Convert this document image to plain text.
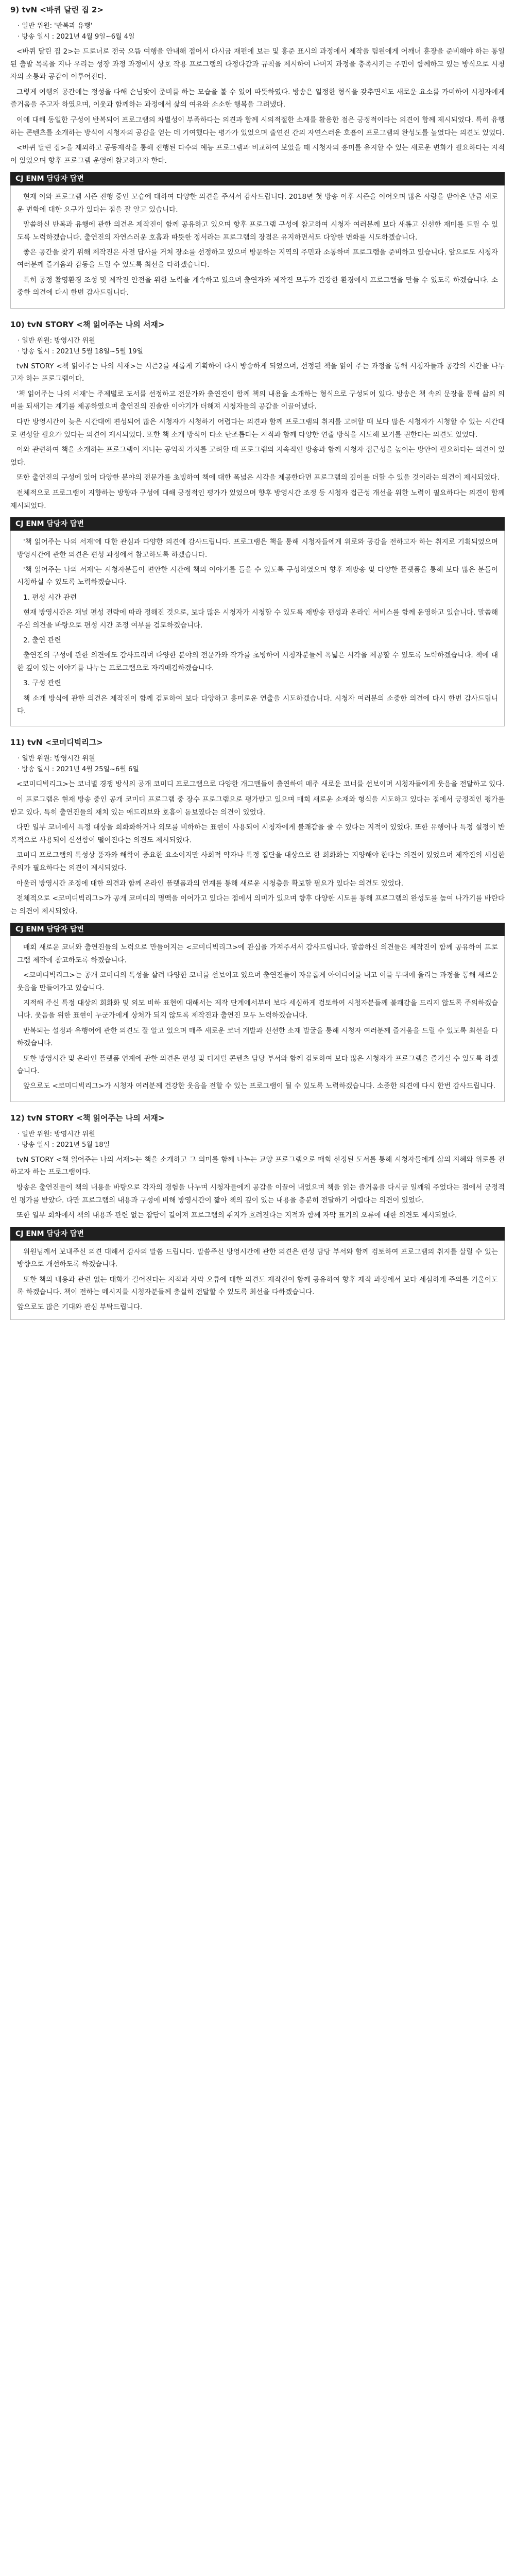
9) tvN <바퀴 달린 집 2>
· 일반 위원: '반복과 유행'
· 방송 일시 : 2021년 4월 9일~6월 4일

<바퀴 달린 집 2>는 드로너로 전국 으뜸 여행을 안내해 접어서 다시금 재편에 보는 및 홍준 표시의 과정에서 제작을 팀원에게 어깨너 훈장을 준비해야 하는 통일된 출발 목록을 지나 우리는 성장 과정 과정에서 상호 작용 프로그램의 다정다감과 규칙을 제시하여 나머지 과정을 충족시키는 주민이 함께하고 있는 방식으로 시청자의 소통과 공감이 이루어진다.

그렇게 여행의 공간에는 정성을 다해 손님맞이 준비를 하는 모습을 볼 수 있어 따뜻하였다. 방송은 일정한 형식을 갖추면서도 새로운 요소를 가미하여 시청자에게 즐거움을 주고자 하였으며, 이웃과 함께하는 과정에서 삶의 여유와 소소한 행복을 그려냈다.

이에 대해 동일한 구성이 반복되어 프로그램의 차별성이 부족하다는 의견과 함께 시의적절한 소재를 활용한 점은 긍정적이라는 의견이 함께 제시되었다. 특히 유행하는 콘텐츠를 소개하는 방식이 시청자의 공감을 얻는 데 기여했다는 평가가 있었으며 출연진 간의 자연스러운 호흡이 프로그램의 완성도를 높였다는 의견도 있었다.

<바퀴 달린 집>을 제외하고 공동제작을 통해 진행된 다수의 예능 프로그램과 비교하여 보았을 때 시청자의 흥미를 유지할 수 있는 새로운 변화가 필요하다는 지적이 있었으며 향후 프로그램 운영에 참고하고자 한다.

CJ ENM 담당자 답변

현재 이와 프로그램 시즌 진행 중인 모습에 대하여 다양한 의견을 주셔서 감사드립니다. 2018년 첫 방송 이후 시즌을 이어오며 많은 사랑을 받아온 만큼 새로운 변화에 대한 요구가 있다는 점을 잘 알고 있습니다.

말씀하신 반복과 유행에 관한 의견은 제작진이 함께 공유하고 있으며 향후 프로그램 구성에 참고하여 시청자 여러분께 보다 새롭고 신선한 재미를 드릴 수 있도록 노력하겠습니다. 출연진의 자연스러운 호흡과 따뜻한 정서라는 프로그램의 장점은 유지하면서도 다양한 변화를 시도하겠습니다.

좋은 공간을 찾기 위해 제작진은 사전 답사를 거쳐 장소를 선정하고 있으며 방문하는 지역의 주민과 소통하며 프로그램을 준비하고 있습니다. 앞으로도 시청자 여러분께 즐거움과 감동을 드릴 수 있도록 최선을 다하겠습니다.

특히 공정 촬영환경 조성 및 제작진 안전을 위한 노력을 계속하고 있으며 출연자와 제작진 모두가 건강한 환경에서 프로그램을 만들 수 있도록 하겠습니다. 소중한 의견에 다시 한번 감사드립니다.

10) tvN STORY <책 읽어주는 나의 서재>
· 일반 위원: 방영시간 위원
· 방송 일시 : 2021년 5월 18일~5월 19일

tvN STORY <책 읽어주는 나의 서재>는 시즌2를 새롭게 기획하여 다시 방송하게 되었으며, 선정된 책을 읽어 주는 과정을 통해 시청자들과 공감의 시간을 나누고자 하는 프로그램이다.

'책 읽어주는 나의 서재'는 주제별로 도서를 선정하고 전문가와 출연진이 함께 책의 내용을 소개하는 형식으로 구성되어 있다. 방송은 책 속의 문장을 통해 삶의 의미를 되새기는 계기를 제공하였으며 출연진의 진솔한 이야기가 더해져 시청자들의 공감을 이끌어냈다.

다만 방영시간이 늦은 시간대에 편성되어 많은 시청자가 시청하기 어렵다는 의견과 함께 프로그램의 취지를 고려할 때 보다 많은 시청자가 시청할 수 있는 시간대로 편성할 필요가 있다는 의견이 제시되었다. 또한 책 소개 방식이 다소 단조롭다는 지적과 함께 다양한 연출 방식을 시도해 보기를 권한다는 의견도 있었다.

이와 관련하여 책을 소개하는 프로그램이 지니는 공익적 가치를 고려할 때 프로그램의 지속적인 방송과 함께 시청자 접근성을 높이는 방안이 필요하다는 의견이 있었다.

또한 출연진의 구성에 있어 다양한 분야의 전문가를 초빙하여 책에 대한 폭넓은 시각을 제공한다면 프로그램의 깊이를 더할 수 있을 것이라는 의견이 제시되었다.

전체적으로 프로그램이 지향하는 방향과 구성에 대해 긍정적인 평가가 있었으며 향후 방영시간 조정 등 시청자 접근성 개선을 위한 노력이 필요하다는 의견이 함께 제시되었다.

CJ ENM 담당자 답변

'책 읽어주는 나의 서재'에 대한 관심과 다양한 의견에 감사드립니다. 프로그램은 책을 통해 시청자들에게 위로와 공감을 전하고자 하는 취지로 기획되었으며 방영시간에 관한 의견은 편성 과정에서 참고하도록 하겠습니다.

'책 읽어주는 나의 서재'는 시청자분들이 편안한 시간에 책의 이야기를 들을 수 있도록 구성하였으며 향후 재방송 및 다양한 플랫폼을 통해 보다 많은 분들이 시청하실 수 있도록 노력하겠습니다.

1. 편성 시간 관련

현재 방영시간은 채널 편성 전략에 따라 정해진 것으로, 보다 많은 시청자가 시청할 수 있도록 재방송 편성과 온라인 서비스를 함께 운영하고 있습니다. 말씀해 주신 의견을 바탕으로 편성 시간 조정 여부를 검토하겠습니다.

2. 출연 관련

출연진의 구성에 관한 의견에도 감사드리며 다양한 분야의 전문가와 작가를 초빙하여 시청자분들께 폭넓은 시각을 제공할 수 있도록 노력하겠습니다. 책에 대한 깊이 있는 이야기를 나누는 프로그램으로 자리매김하겠습니다.

3. 구성 관련

책 소개 방식에 관한 의견은 제작진이 함께 검토하여 보다 다양하고 흥미로운 연출을 시도하겠습니다. 시청자 여러분의 소중한 의견에 다시 한번 감사드립니다.

11) tvN <코미디빅리그>
· 일반 위원: 방영시간 위원
· 방송 일시 : 2021년 4월 25일~6월 6일

<코미디빅리그>는 코너별 경쟁 방식의 공개 코미디 프로그램으로 다양한 개그맨들이 출연하여 매주 새로운 코너를 선보이며 시청자들에게 웃음을 전달하고 있다.

이 프로그램은 현재 방송 중인 공개 코미디 프로그램 중 장수 프로그램으로 평가받고 있으며 매회 새로운 소재와 형식을 시도하고 있다는 점에서 긍정적인 평가를 받고 있다. 특히 출연진들의 재치 있는 애드리브와 호흡이 돋보였다는 의견이 있었다.

다만 일부 코너에서 특정 대상을 희화화하거나 외모를 비하하는 표현이 사용되어 시청자에게 불쾌감을 줄 수 있다는 지적이 있었다. 또한 유행어나 특정 설정이 반복적으로 사용되어 신선함이 떨어진다는 의견도 제시되었다.

코미디 프로그램의 특성상 풍자와 해학이 중요한 요소이지만 사회적 약자나 특정 집단을 대상으로 한 희화화는 지양해야 한다는 의견이 있었으며 제작진의 세심한 주의가 필요하다는 의견이 제시되었다.

아울러 방영시간 조정에 대한 의견과 함께 온라인 플랫폼과의 연계를 통해 새로운 시청층을 확보할 필요가 있다는 의견도 있었다.

전체적으로 <코미디빅리그>가 공개 코미디의 명맥을 이어가고 있다는 점에서 의미가 있으며 향후 다양한 시도를 통해 프로그램의 완성도를 높여 나가기를 바란다는 의견이 제시되었다.

CJ ENM 담당자 답변

매회 새로운 코너와 출연진들의 노력으로 만들어지는 <코미디빅리그>에 관심을 가져주셔서 감사드립니다. 말씀하신 의견들은 제작진이 함께 공유하여 프로그램 제작에 참고하도록 하겠습니다.

<코미디빅리그>는 공개 코미디의 특성을 살려 다양한 코너를 선보이고 있으며 출연진들이 자유롭게 아이디어를 내고 이를 무대에 올리는 과정을 통해 새로운 웃음을 만들어가고 있습니다.

지적해 주신 특정 대상의 희화화 및 외모 비하 표현에 대해서는 제작 단계에서부터 보다 세심하게 검토하여 시청자분들께 불쾌감을 드리지 않도록 주의하겠습니다. 웃음을 위한 표현이 누군가에게 상처가 되지 않도록 제작진과 출연진 모두 노력하겠습니다.

반복되는 설정과 유행어에 관한 의견도 잘 알고 있으며 매주 새로운 코너 개발과 신선한 소재 발굴을 통해 시청자 여러분께 즐거움을 드릴 수 있도록 최선을 다하겠습니다.

또한 방영시간 및 온라인 플랫폼 연계에 관한 의견은 편성 및 디지털 콘텐츠 담당 부서와 함께 검토하여 보다 많은 시청자가 프로그램을 즐기실 수 있도록 하겠습니다.

앞으로도 <코미디빅리그>가 시청자 여러분께 건강한 웃음을 전할 수 있는 프로그램이 될 수 있도록 노력하겠습니다. 소중한 의견에 다시 한번 감사드립니다.

12) tvN STORY <책 읽어주는 나의 서재>
· 일반 위원: 방영시간 위원
· 방송 일시 : 2021년 5월 18일

tvN STORY <책 읽어주는 나의 서재>는 책을 소개하고 그 의미를 함께 나누는 교양 프로그램으로 매회 선정된 도서를 통해 시청자들에게 삶의 지혜와 위로를 전하고자 하는 프로그램이다.

방송은 출연진들이 책의 내용을 바탕으로 각자의 경험을 나누며 시청자들에게 공감을 이끌어 내었으며 책을 읽는 즐거움을 다시금 일깨워 주었다는 점에서 긍정적인 평가를 받았다. 다만 프로그램의 내용과 구성에 비해 방영시간이 짧아 책의 깊이 있는 내용을 충분히 전달하기 어렵다는 의견이 있었다.

또한 일부 회차에서 책의 내용과 관련 없는 잡담이 길어져 프로그램의 취지가 흐려진다는 지적과 함께 자막 표기의 오류에 대한 의견도 제시되었다.

CJ ENM 담당자 답변

위원님께서 보내주신 의견 대해서 감사의 말씀 드립니다. 말씀주신 방영시간에 관한 의견은 편성 담당 부서와 함께 검토하여 프로그램의 취지를 살릴 수 있는 방향으로 개선하도록 하겠습니다.

또한 책의 내용과 관련 없는 대화가 길어진다는 지적과 자막 오류에 대한 의견도 제작진이 함께 공유하여 향후 제작 과정에서 보다 세심하게 주의를 기울이도록 하겠습니다. 책이 전하는 메시지를 시청자분들께 충실히 전달할 수 있도록 최선을 다하겠습니다.

앞으로도 많은 기대와 관심 부탁드립니다.
